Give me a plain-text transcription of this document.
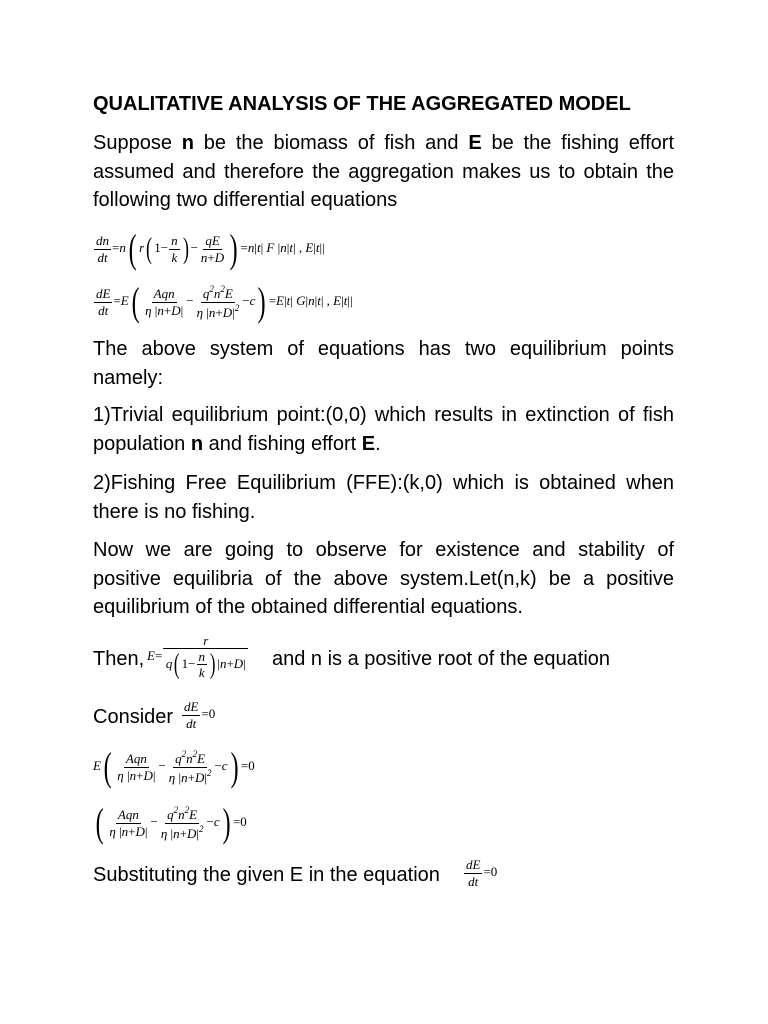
QUALITATIVE ANALYSIS OF THE AGGREGATED MODEL
Suppose n be the biomass of fish and E be the fishing effort assumed and therefore the aggregation makes us to obtain the following two differential equations
$\frac{dn}{dt} =n$( r( $1- \frac{n}{k}$ ) − $\frac{qE}{n+D}$ ) =n|t| F |n|t| , E|t||
$\frac{dE}{dt} =E( \frac{\text{Aqn}}{\eta |n+D|} - \frac{q^2n^2E}{\eta |n+D|^2} -c) =E|t|$ G|n|t| , E|t||
The above system of equations has two equilibrium points namely:
1)Trivial equilibrium point:(0,0) which results in extinction of fish population n and fishing effort E.
2)Fishing Free Equilibrium (FFE):(k,0) which is obtained when there is no fishing.
Now we are going to observe for existence and stability of positive equilibria of the above system.Let(n,k) be a positive equilibrium of the obtained differential equations.
Then, $E= \frac{r}{q( 1- \frac{n}{k} ) |n+D|}$ and n is a positive root of the equation
Consider $\frac{dE}{dt} =0$
$E( \frac{\text{Aqn}}{\eta |n+D|} - \frac{q^2n^2E}{\eta |n+D|^2} -c) =0$
( $\frac{\text{Aqn}}{\eta |n+D|} - \frac{q^2n^2E}{\eta |n+D|^2} -c) =0$
Substituting the given E in the equation $\frac{dE}{dt} =0$
